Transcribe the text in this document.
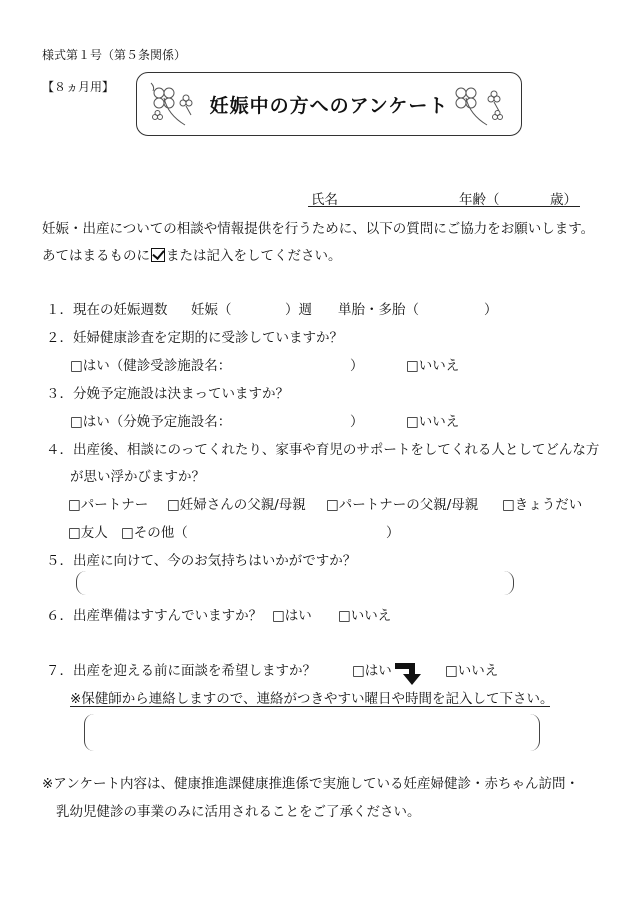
様式第１号（第５条関係）
【８ヵ月用】
妊娠中の方へのアンケート
氏名	年齢（	歳）
妊娠・出産についての相談や情報提供を行うために、以下の質問にご協力をお願いします。
あてはまるものに または記入をしてください。
１．現在の妊娠週数 妊娠（	）週 単胎・多胎（	）
２．妊婦健康診査を定期的に受診していますか？
□はい（健診受診施設名：	）	□いいえ
３．分娩予定施設は決まっていますか？
□はい（分娩予定施設名：	）	□いいえ
４．出産後、相談にのってくれたり、家事や育児のサポートをしてくれる人としてどんな方
が思い浮かびますか？
□パートナー □妊婦さんの父親/母親 □パートナーの父親/母親 □きょうだい
□友人 □その他（	）
５．出産に向けて、今のお気持ちはいかがですか？
６．出産準備はすすんでいますか？ □はい □いいえ
７．出産を迎える前に面談を希望しますか？	□はい	□いいえ
※保健師から連絡しますので、連絡がつきやすい曜日や時間を記入して下さい。
※アンケート内容は、健康推進課健康推進係で実施している妊産婦健診・赤ちゃん訪問・
乳幼児健診の事業のみに活用されることをご了承ください。
